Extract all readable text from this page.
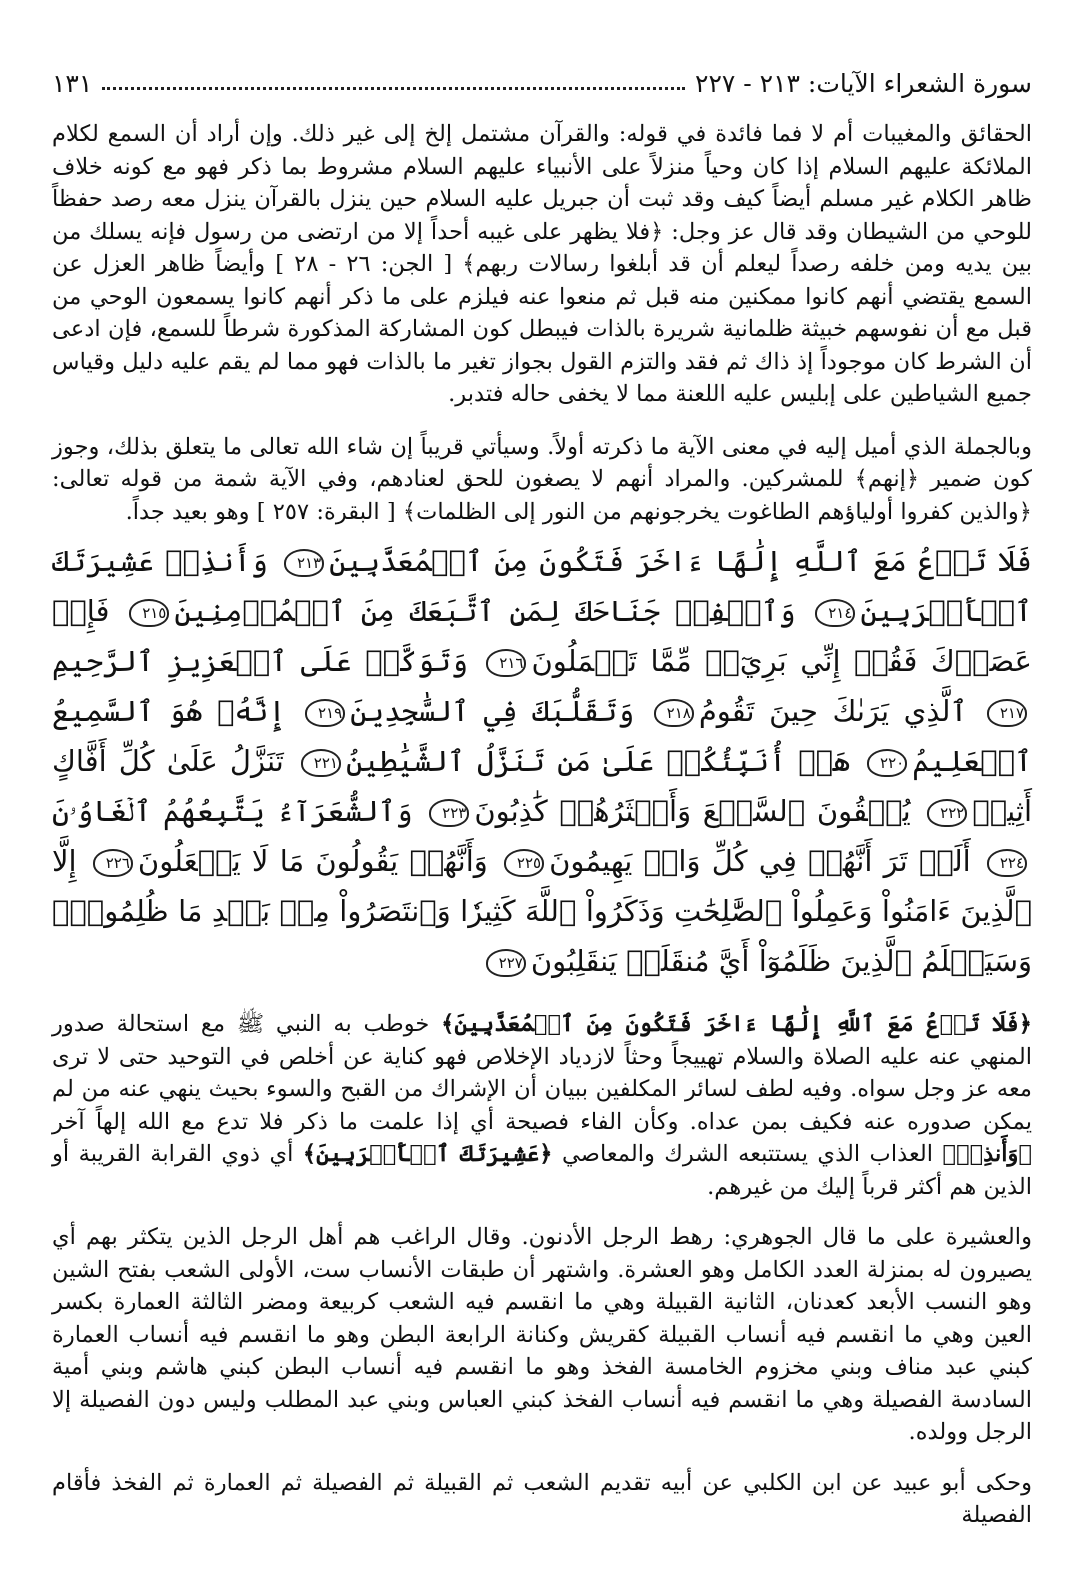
سورة الشعراء الآيات: ٢١٣ - ٢٢٧
١٣١

الحقائق والمغيبات أم لا فما فائدة في قوله: والقرآن مشتمل إلخ إلى غير ذلك. وإن أراد أن السمع لكلام الملائكة عليهم السلام إذا كان وحياً منزلاً على الأنبياء عليهم السلام مشروط بما ذكر فهو مع كونه خلاف ظاهر الكلام غير مسلم أيضاً كيف وقد ثبت أن جبريل عليه السلام حين ينزل بالقرآن ينزل معه رصد حفظاً للوحي من الشيطان وقد قال عز وجل: ﴿فلا يظهر على غيبه أحداً إلا من ارتضى من رسول فإنه يسلك من بين يديه ومن خلفه رصداً ليعلم أن قد أبلغوا رسالات ربهم﴾ [ الجن: ٢٦ - ٢٨ ] وأيضاً ظاهر العزل عن السمع يقتضي أنهم كانوا ممكنين منه قبل ثم منعوا عنه فيلزم على ما ذكر أنهم كانوا يسمعون الوحي من قبل مع أن نفوسهم خبيثة ظلمانية شريرة بالذات فيبطل كون المشاركة المذكورة شرطاً للسمع، فإن ادعى أن الشرط كان موجوداً إذ ذاك ثم فقد والتزم القول بجواز تغير ما بالذات فهو مما لم يقم عليه دليل وقياس جميع الشياطين على إبليس عليه اللعنة مما لا يخفى حاله فتدبر.

وبالجملة الذي أميل إليه في معنى الآية ما ذكرته أولاً. وسيأتي قريباً إن شاء الله تعالى ما يتعلق بذلك، وجوز كون ضمير ﴿إنهم﴾ للمشركين. والمراد أنهم لا يصغون للحق لعنادهم، وفي الآية شمة من قوله تعالى: ﴿والذين كفروا أولياؤهم الطاغوت يخرجونهم من النور إلى الظلمات﴾ [ البقرة: ٢٥٧ ] وهو بعيد جداً.

فَلَا تَدۡعُ مَعَ ٱللَّهِ إِلَٰهًا ءَاخَرَ فَتَكُونَ مِنَ ٱلۡمُعَذَّبِينَ٢١٣ وَأَنذِرۡ عَشِيرَتَكَ ٱلۡأَقۡرَبِينَ٢١٤ وَٱخۡفِضۡ جَنَاحَكَ لِمَنِ ٱتَّبَعَكَ مِنَ ٱلۡمُؤۡمِنِينَ٢١٥ فَإِنۡ عَصَوۡكَ فَقُلۡ إِنِّي بَرِيٓءٞ مِّمَّا تَعۡمَلُونَ٢١٦ وَتَوَكَّلۡ عَلَى ٱلۡعَزِيزِ ٱلرَّحِيمِ٢١٧ ٱلَّذِي يَرَىٰكَ حِينَ تَقُومُ٢١٨ وَتَقَلُّبَكَ فِي ٱلسَّٰجِدِينَ٢١٩ إِنَّهُۥ هُوَ ٱلسَّمِيعُ ٱلۡعَلِيمُ٢٢٠ هَلۡ أُنَبِّئُكُمۡ عَلَىٰ مَن تَنَزَّلُ ٱلشَّيَٰطِينُ٢٢١ تَنَزَّلُ عَلَىٰ كُلِّ أَفَّاكٍ أَثِيمٖ٢٢٢ يُلۡقُونَ ٱلسَّمۡعَ وَأَكۡثَرُهُمۡ كَٰذِبُونَ٢٢٣ وَٱلشُّعَرَآءُ يَتَّبِعُهُمُ ٱلۡغَاوُۥنَ٢٢٤ أَلَمۡ تَرَ أَنَّهُمۡ فِي كُلِّ وَادٖ يَهِيمُونَ٢٢٥ وَأَنَّهُمۡ يَقُولُونَ مَا لَا يَفۡعَلُونَ٢٢٦ إِلَّا ٱلَّذِينَ ءَامَنُواْ وَعَمِلُواْ ٱلصَّٰلِحَٰتِ وَذَكَرُواْ ٱللَّهَ كَثِيرٗا وَٱنتَصَرُواْ مِنۢ بَعۡدِ مَا ظُلِمُواْۗ وَسَيَعۡلَمُ ٱلَّذِينَ ظَلَمُوٓاْ أَيَّ مُنقَلَبٖ يَنقَلِبُونَ٢٢٧

﴿فَلَا تَدۡعُ مَعَ ٱللَّهِ إِلَٰهًا ءَاخَرَ فَتَكُونَ مِنَ ٱلۡمُعَذَّبِينَ﴾ خوطب به النبي ﷺ مع استحالة صدور المنهي عنه عليه الصلاة والسلام تهييجاً وحثاً لازدياد الإخلاص فهو كناية عن أخلص في التوحيد حتى لا ترى معه عز وجل سواه. وفيه لطف لسائر المكلفين ببيان أن الإشراك من القبح والسوء بحيث ينهي عنه من لم يمكن صدوره عنه فكيف بمن عداه. وكأن الفاء فصيحة أي إذا علمت ما ذكر فلا تدع مع الله إلهاً آخر ﴿وَأَنذِرۡ﴾ العذاب الذي يستتبعه الشرك والمعاصي ﴿عَشِيرَتَكَ ٱلۡأَقۡرَبِينَ﴾ أي ذوي القرابة القريبة أو الذين هم أكثر قرباً إليك من غيرهم.

والعشيرة على ما قال الجوهري: رهط الرجل الأدنون. وقال الراغب هم أهل الرجل الذين يتكثر بهم أي يصيرون له بمنزلة العدد الكامل وهو العشرة. واشتهر أن طبقات الأنساب ست، الأولى الشعب بفتح الشين وهو النسب الأبعد كعدنان، الثانية القبيلة وهي ما انقسم فيه الشعب كربيعة ومضر الثالثة العمارة بكسر العين وهي ما انقسم فيه أنساب القبيلة كقريش وكنانة الرابعة البطن وهو ما انقسم فيه أنساب العمارة كبني عبد مناف وبني مخزوم الخامسة الفخذ وهو ما انقسم فيه أنساب البطن كبني هاشم وبني أمية السادسة الفصيلة وهي ما انقسم فيه أنساب الفخذ كبني العباس وبني عبد المطلب وليس دون الفصيلة إلا الرجل وولده.

وحكى أبو عبيد عن ابن الكلبي عن أبيه تقديم الشعب ثم القبيلة ثم الفصيلة ثم العمارة ثم الفخذ فأقام الفصيلة
